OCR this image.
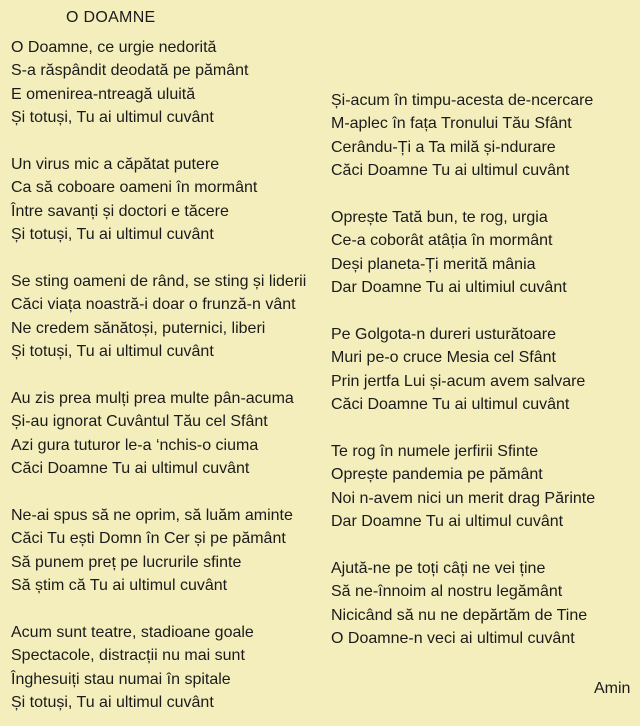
O DOAMNE
O Doamne, ce urgie nedorită
S-a răspândit deodată pe pământ
E omenirea-ntreagă uluită
Și totuși, Tu ai ultimul cuvânt
Un virus mic a căpătat putere
Ca să coboare oameni în mormânt
Între savanți și doctori e tăcere
Și totuși, Tu ai ultimul cuvânt
Se sting oameni de rând, se sting și liderii
Căci viața noastră-i doar o frunză-n vânt
Ne credem sănătoși, puternici, liberi
Și totuși, Tu ai ultimul cuvânt
Au zis prea mulți prea multe pân-acuma
Și-au ignorat Cuvântul Tău cel Sfânt
Azi gura tuturor le-a ‘nchis-o ciuma
Căci Doamne Tu ai ultimul cuvânt
Ne-ai spus să ne oprim, să luăm aminte
Căci Tu ești Domn în Cer și pe pământ
Să punem preț pe lucrurile sfinte
Să știm că Tu ai ultimul cuvânt
Acum sunt teatre, stadioane goale
Spectacole, distracții nu mai sunt
Înghesuiți stau numai în spitale
Și totuși, Tu ai ultimul cuvânt
Și-acum în timpu-acesta de-ncercare
M-aplec în fața Tronului Tău Sfânt
Cerându-Ți a Ta milă și-ndurare
Căci Doamne Tu ai ultimul cuvânt
Oprește Tată bun, te rog, urgia
Ce-a coborât atâția în mormânt
Deși planeta-Ți merită mânia
Dar Doamne Tu ai ultimiul cuvânt
Pe Golgota-n dureri usturătoare
Muri pe-o cruce Mesia cel Sfânt
Prin jertfa Lui și-acum avem salvare
Căci Doamne Tu ai ultimul cuvânt
Te rog în numele jerfirii Sfinte
Oprește pandemia pe pământ
Noi n-avem nici un merit drag Părinte
Dar Doamne Tu ai ultimul cuvânt
Ajută-ne pe toți câți ne vei ține
Să ne-înnoim al nostru legământ
Nicicând să nu ne depărtăm de Tine
O Doamne-n veci ai ultimul cuvânt
Amin
